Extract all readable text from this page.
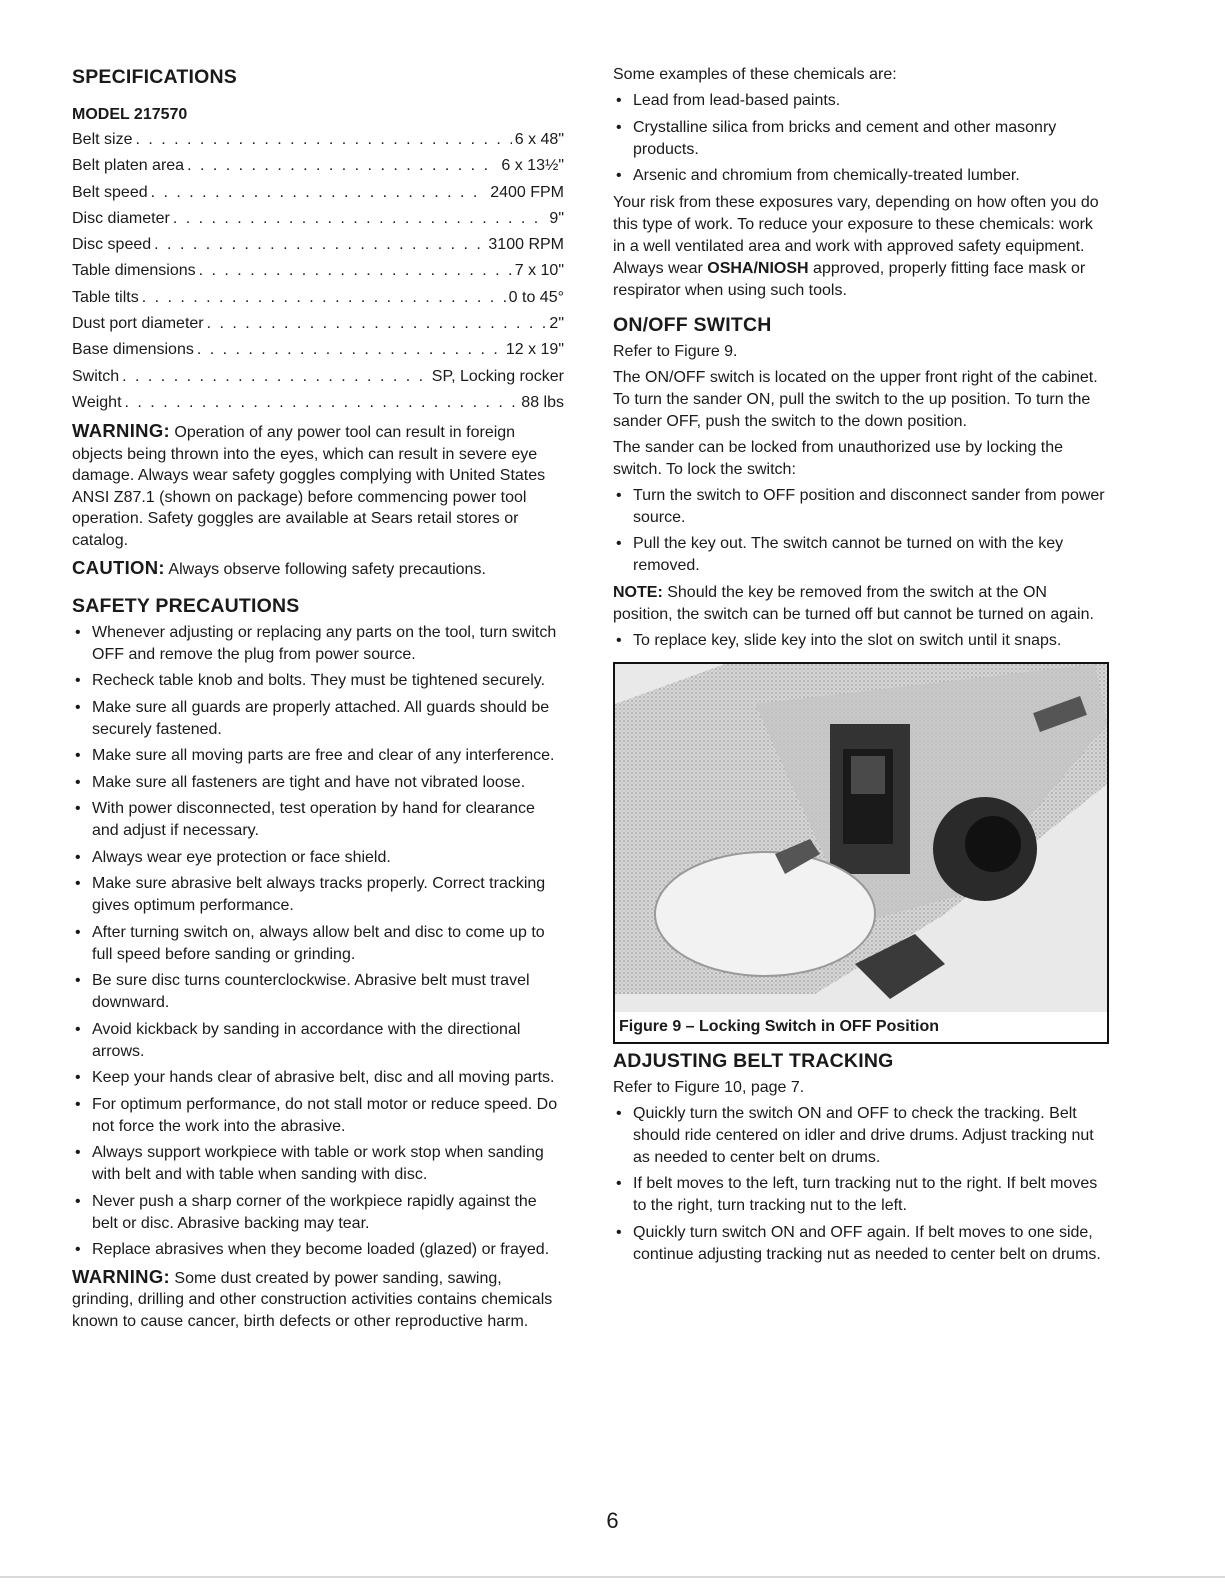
SPECIFICATIONS
MODEL 217570
Belt size . . .	6 x 48"
Belt platen area . . .	6 x 13½"
Belt speed . . .	2400 FPM
Disc diameter . . .	9"
Disc speed . . .	3100 RPM
Table dimensions . . .	7 x 10"
Table tilts . . .	0 to 45°
Dust port diameter . . .	2"
Base dimensions . . .	12 x 19"
Switch . . .	SP, Locking rocker
Weight . . .	88 lbs

WARNING: Operation of any power tool can result in foreign objects being thrown into the eyes, which can result in severe eye damage. Always wear safety goggles complying with United States ANSI Z87.1 (shown on package) before commencing power tool operation. Safety goggles are available at Sears retail stores or catalog.

CAUTION: Always observe following safety precautions.

SAFETY PRECAUTIONS
• Whenever adjusting or replacing any parts on the tool, turn switch OFF and remove the plug from power source.
• Recheck table knob and bolts. They must be tightened securely.
• Make sure all guards are properly attached. All guards should be securely fastened.
• Make sure all moving parts are free and clear of any interference.
• Make sure all fasteners are tight and have not vibrated loose.
• With power disconnected, test operation by hand for clearance and adjust if necessary.
• Always wear eye protection or face shield.
• Make sure abrasive belt always tracks properly. Correct tracking gives optimum performance.
• After turning switch on, always allow belt and disc to come up to full speed before sanding or grinding.
• Be sure disc turns counterclockwise. Abrasive belt must travel downward.
• Avoid kickback by sanding in accordance with the directional arrows.
• Keep your hands clear of abrasive belt, disc and all moving parts.
• For optimum performance, do not stall motor or reduce speed. Do not force the work into the abrasive.
• Always support workpiece with table or work stop when sanding with belt and with table when sanding with disc.
• Never push a sharp corner of the workpiece rapidly against the belt or disc. Abrasive backing may tear.
• Replace abrasives when they become loaded (glazed) or frayed.

WARNING: Some dust created by power sanding, sawing, grinding, drilling and other construction activities contains chemicals known to cause cancer, birth defects or other reproductive harm.

Some examples of these chemicals are:

• Lead from lead-based paints.
• Crystalline silica from bricks and cement and other masonry products.
• Arsenic and chromium from chemically-treated lumber.

Your risk from these exposures vary, depending on how often you do this type of work. To reduce your exposure to these chemicals: work in a well ventilated area and work with approved safety equipment. Always wear OSHA/NIOSH approved, properly fitting face mask or respirator when using such tools.

ON/OFF SWITCH

Refer to Figure 9.

The ON/OFF switch is located on the upper front right of the cabinet. To turn the sander ON, pull the switch to the up position. To turn the sander OFF, push the switch to the down position.

The sander can be locked from unauthorized use by locking the switch. To lock the switch:

• Turn the switch to OFF position and disconnect sander from power source.
• Pull the key out. The switch cannot be turned on with the key removed.

NOTE: Should the key be removed from the switch at the ON position, the switch can be turned off but cannot be turned on again.

• To replace key, slide key into the slot on switch until it snaps.
Figure 9 – Locking Switch in OFF Position
ADJUSTING BELT TRACKING

Refer to Figure 10, page 7.

• Quickly turn the switch ON and OFF to check the tracking. Belt should ride centered on idler and drive drums. Adjust tracking nut as needed to center belt on drums.
• If belt moves to the left, turn tracking nut to the right. If belt moves to the right, turn tracking nut to the left.
• Quickly turn switch ON and OFF again. If belt moves to one side, continue adjusting tracking nut as needed to center belt on drums.
6
